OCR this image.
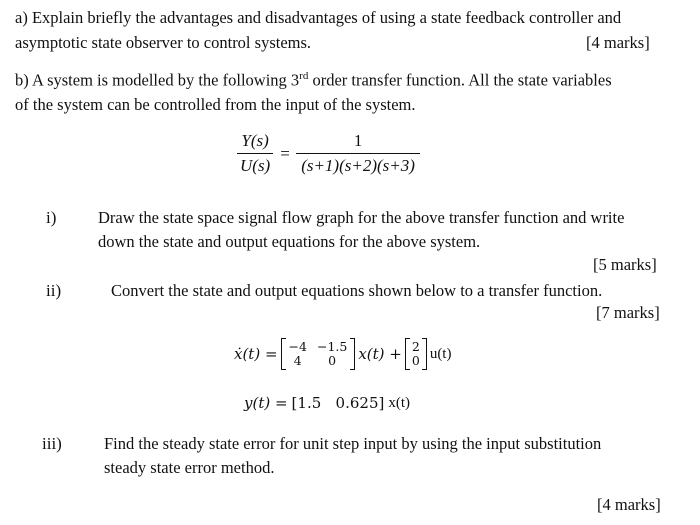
a) Explain briefly the advantages and disadvantages of using a state feedback controller and
asymptotic state observer to control systems.	[4 marks]
b) A system is modelled by the following 3rd order transfer function. All the state variables
of the system can be controlled from the input of the system.
$\frac{Y(s)}{U(s)} = \frac{1}{(s+1)(s+2)(s+3)}$
i)	Draw the state space signal flow graph for the above transfer function and write
down the state and output equations for the above system.
[5 marks]
ii)	Convert the state and output equations shown below to a transfer function.
[7 marks]
ẋ(t) = −4 −1.5
4	0	x(t) + 2
0 u(t)
y(t) = [1.5   0.625] x(t)
iii)	Find the steady state error for unit step input by using the input substitution
steady state error method.
[4 marks]
